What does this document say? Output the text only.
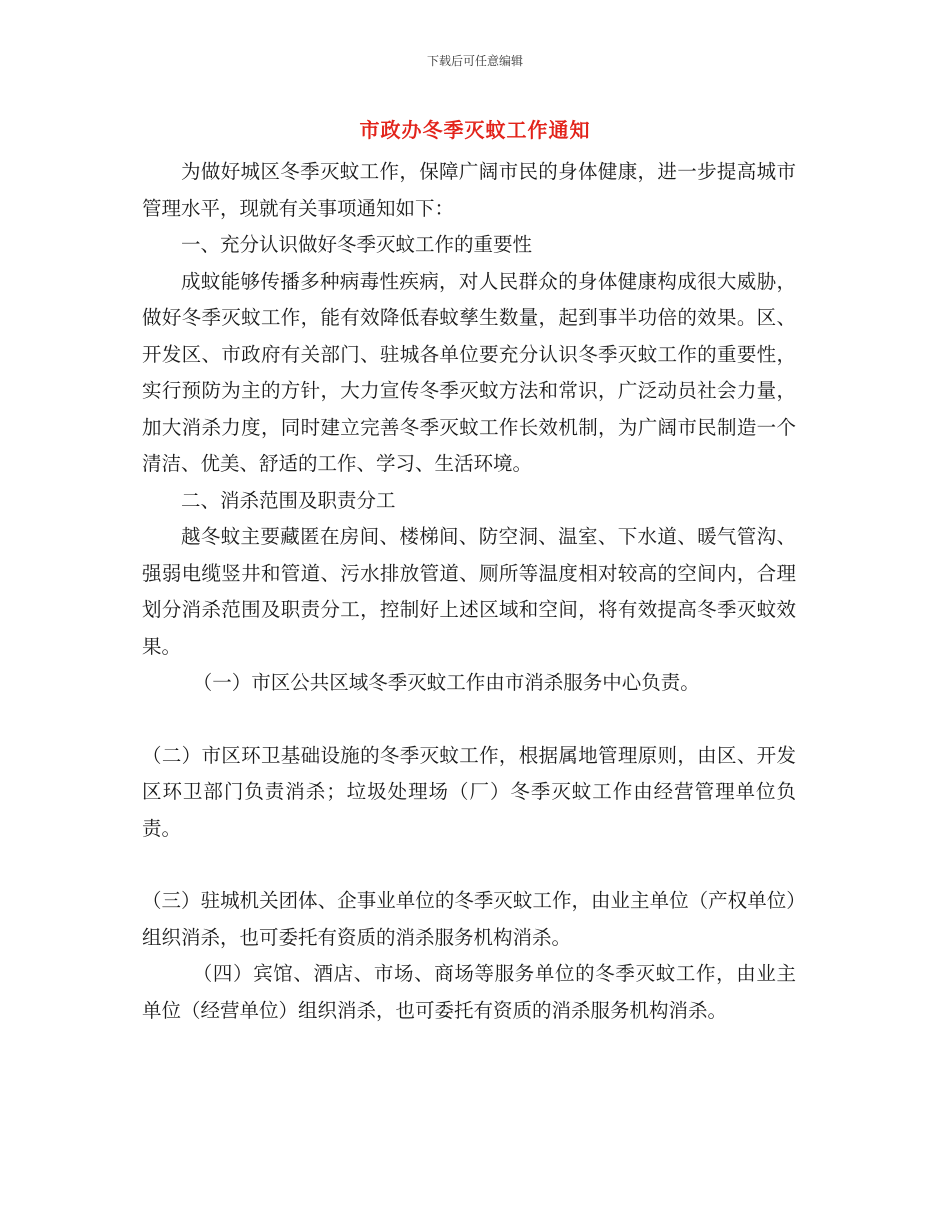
下载后可任意编辑
市政办冬季灭蚊工作通知

为做好城区冬季灭蚊工作，保障广阔市民的身体健康，进一步提高城市管理水平，现就有关事项通知如下：

一、充分认识做好冬季灭蚊工作的重要性

成蚊能够传播多种病毒性疾病，对人民群众的身体健康构成很大威胁，做好冬季灭蚊工作，能有效降低春蚊孳生数量，起到事半功倍的效果。区、开发区、市政府有关部门、驻城各单位要充分认识冬季灭蚊工作的重要性，实行预防为主的方针，大力宣传冬季灭蚊方法和常识，广泛动员社会力量，加大消杀力度，同时建立完善冬季灭蚊工作长效机制，为广阔市民制造一个清洁、优美、舒适的工作、学习、生活环境。

二、消杀范围及职责分工

越冬蚊主要藏匿在房间、楼梯间、防空洞、温室、下水道、暖气管沟、强弱电缆竖井和管道、污水排放管道、厕所等温度相对较高的空间内，合理划分消杀范围及职责分工，控制好上述区域和空间，将有效提高冬季灭蚊效果。

（一）市区公共区域冬季灭蚊工作由市消杀服务中心负责。

（二）市区环卫基础设施的冬季灭蚊工作，根据属地管理原则，由区、开发区环卫部门负责消杀；垃圾处理场（厂）冬季灭蚊工作由经营管理单位负责。

（三）驻城机关团体、企事业单位的冬季灭蚊工作，由业主单位（产权单位）组织消杀，也可委托有资质的消杀服务机构消杀。

（四）宾馆、酒店、市场、商场等服务单位的冬季灭蚊工作，由业主单位（经营单位）组织消杀，也可委托有资质的消杀服务机构消杀。
